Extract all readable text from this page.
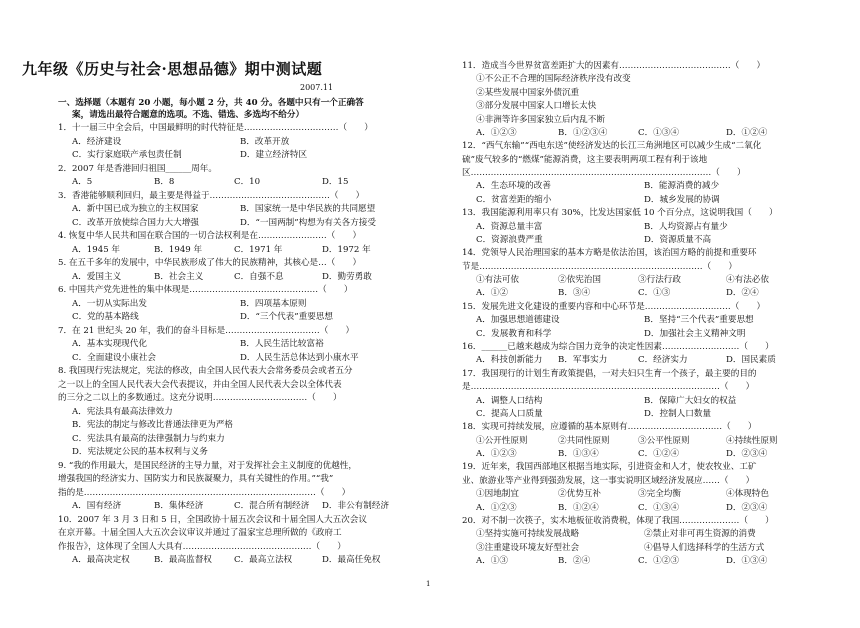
九年级《历史与社会·思想品德》期中测试题
2007.11
一、选择题（本题有 20 小题，每小题 2 分，共 40 分。各题中只有一个正确答
案，请选出最符合题意的选项。不选、错选、多选均不给分）
1．十一届三中全会后，中国最鲜明的时代特征是……………………………（　　）
A．经济建设	B．改革开放
C．实行家庭联产承包责任制	D．建立经济特区
2．2007 年是香港回归祖国______周年。
A．5	B．8	C．10	D．15
3．香港能够顺利回归，最主要是得益于……………………………………（　　）
A．新中国已成为独立的主权国家	B．国家统一是中华民族的共同愿望
C．改革开放使综合国力大大增强	D．“一国两制”构想为有关各方接受
4. 恢复中华人民共和国在联合国的一切合法权利是在……………………（　　）
A．1945 年	B．1949 年	C．1971 年	D．1972 年
5. 在五千多年的发展中，中华民族形成了伟大的民族精神，其核心是…（　　）
A．爱国主义	B．社会主义	C．自强不息	D．勤劳勇敢
6. 中国共产党先进性的集中体现是………………………………………（　　）
A．一切从实际出发	B．四项基本原则
C．党的基本路线	D．“三个代表”重要思想
7．在 21 世纪头 20 年，我们的奋斗目标是……………………………（　　）
A．基本实现现代化	B．人民生活比较富裕
C．全面建设小康社会	D．人民生活总体达到小康水平
8. 我国现行宪法规定，宪法的修改，由全国人民代表大会常务委员会或者五分
之一以上的全国人民代表大会代表提议，并由全国人民代表大会以全体代表
的三分之二以上的多数通过。这充分说明……………………………（　　）
A．宪法具有最高法律效力
B．宪法的制定与修改比普通法律更为严格
C．宪法具有最高的法律强制力与约束力
D．宪法规定公民的基本权利与义务
9. “我的作用最大，是国民经济的主导力量，对于发挥社会主义制度的优越性，
增强我国的经济实力、国防实力和民族凝聚力，具有关键性的作用。”“我”
指的是………………………………………………………………………（　　）
A．国有经济	B．集体经济	C．混合所有制经济 D．非公有制经济
10．2007 年 3 月 3 日和 5 日，全国政协十届五次会议和十届全国人大五次会议
在京开幕。十届全国人大五次会议审议并通过了温家宝总理所做的《政府工
作报告》，这体现了全国人大具有………………………………………（　　）
A．最高决定权	B．最高监督权	C．最高立法权	D．最高任免权
11．造成当今世界贫富差距扩大的因素有…………………………………（　　）
①不公正不合理的国际经济秩序没有改变
②某些发展中国家外债沉重
③部分发展中国家人口增长太快
④非洲等许多国家独立后内乱不断
A．①②③	B．①②③④	C．①③④	D．①②④
12．“西气东输”“西电东送”使经济发达的长江三角洲地区可以减少生成“二氧化
硫”废气较多的“燃煤”能源消费，这主要表明两项工程有利于该地
区…………………………………………………………………………（　　）
A．生态环境的改善	B．能源消费的减少
C．贫富差距的缩小	D．城乡发展的协调
13．我国能源利用率只有 30%，比发达国家低 10 个百分点，这说明我国（　　）
A．资源总量丰富	B．人均资源占有量少
C．资源浪费严重	D．资源质量不高
14．党领导人民治理国家的基本方略是依法治国，该治国方略的前提和重要环
节是……………………………………………………………………（　　）
①有法可依	②依宪治国	③行法行政	④有法必依
A．①②	B．③④	C．①③	D．②④
15．发展先进文化建设的重要内容和中心环节是…………………………（　　）
A．加强思想道德建设	B．坚持“三个代表”重要思想
C．发展教育和科学	D．加强社会主义精神文明
16．______已越来越成为综合国力竞争的决定性因素………………………（　　）
A．科技创新能力 B．军事实力	C．经济实力	D．国民素质
17．我国现行的计划生育政策提倡，一对夫妇只生育一个孩子，最主要的目的
是……………………………………………………………………………（　　）
A．调整人口结构	B．保障广大妇女的权益
C．提高人口质量	D．控制人口数量
18．实现可持续发展，应遵循的基本原则有……………………………（　　）
①公开性原则	②共同性原则	③公平性原则	④持续性原则
A．①②③	B．①③④	C．①②④	D．②③④
19．近年来，我国西部地区根据当地实际，引进资金和人才，使农牧业、工矿
业、旅游业等产业得到强劲发展，这一事实说明区域经济发展应……（　　）
①因地制宜	②优势互补	③完全均衡	④体现特色
A．①②③	B．①②④	C．①③④	D．②③④
20．对不制一次筷子，实木地板征收消费税，体现了我国…………………（　　）
①坚持实施可持续发展战略	②禁止对非可再生资源的消费
③注重建设环境友好型社会	④倡导人们选择科学的生活方式
A．①③	B．②④	C．①②③	D．①③④
1
